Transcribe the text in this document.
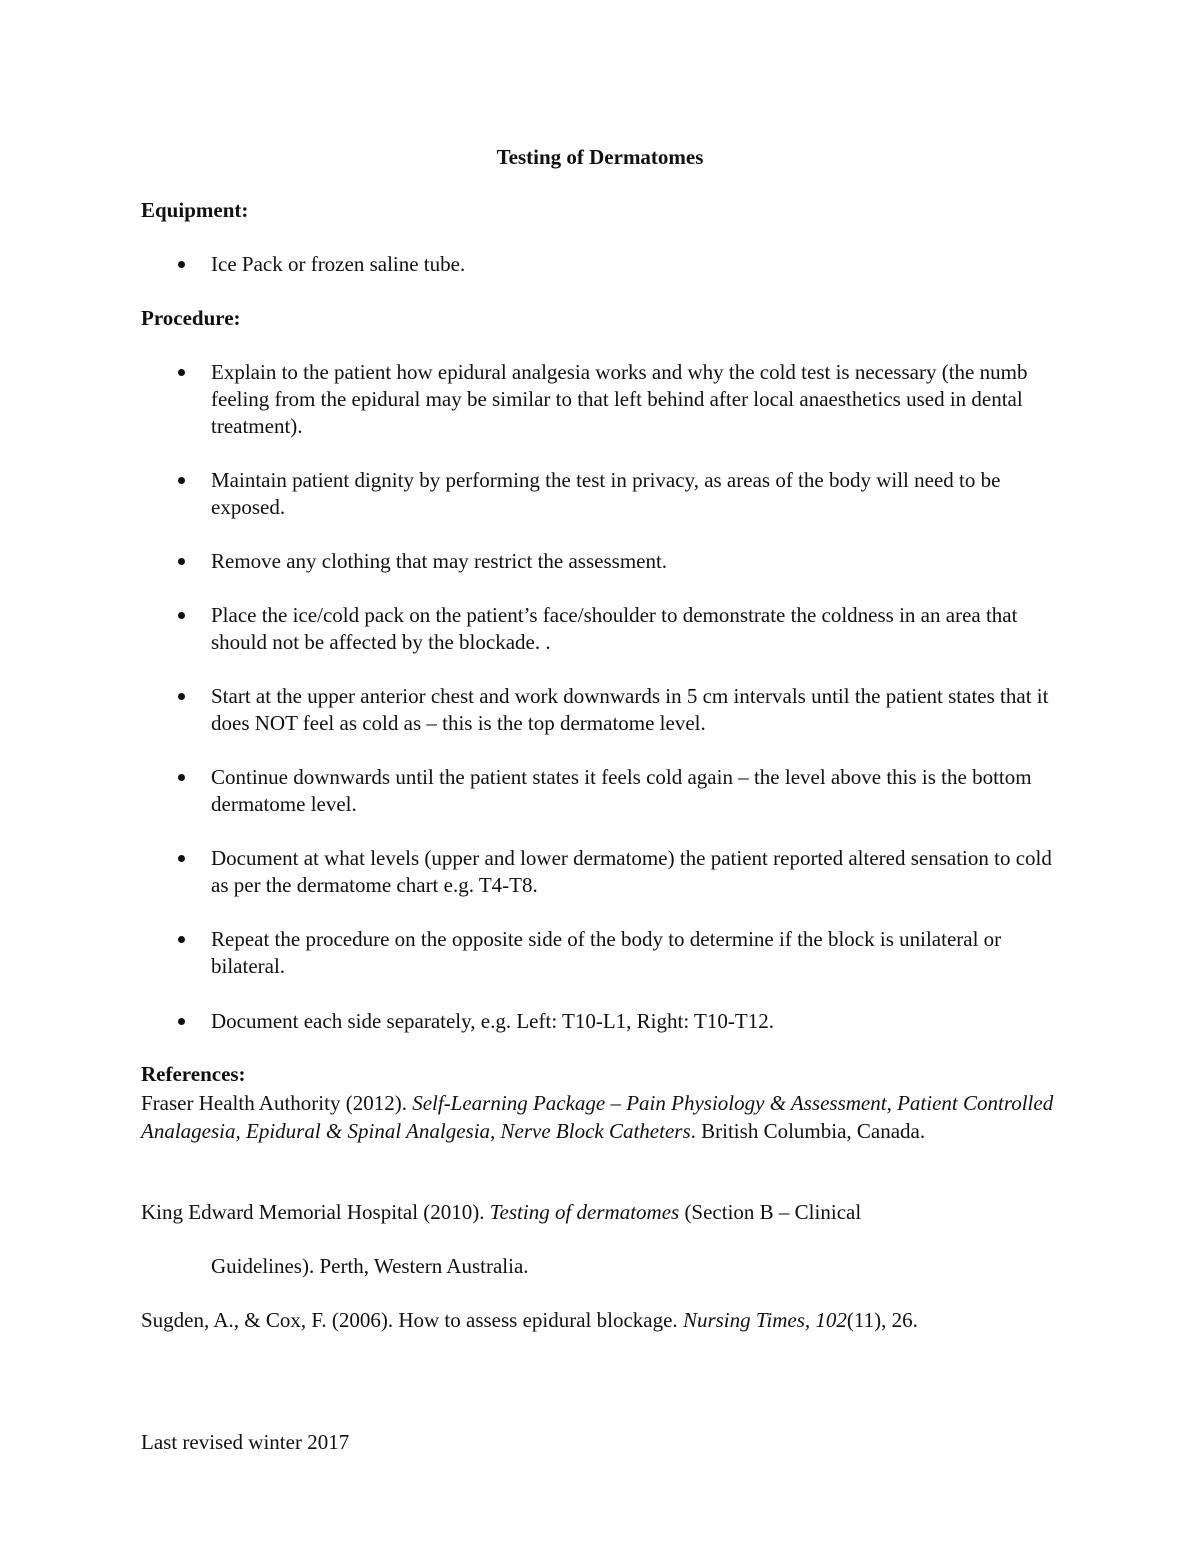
Testing of Dermatomes
Equipment:
Ice Pack or frozen saline tube.
Procedure:
Explain to the patient how epidural analgesia works and why the cold test is necessary (the numb feeling from the epidural may be similar to that left behind after local anaesthetics used in dental treatment).
Maintain patient dignity by performing the test in privacy, as areas of the body will need to be exposed.
Remove any clothing that may restrict the assessment.
Place the ice/cold pack on the patient’s face/shoulder to demonstrate the coldness in an area that should not be affected by the blockade. .
Start at the upper anterior chest and work downwards in 5 cm intervals until the patient states that it does NOT feel as cold as – this is the top dermatome level.
Continue downwards until the patient states it feels cold again – the level above this is the bottom dermatome level.
Document at what levels (upper and lower dermatome) the patient reported altered sensation to cold as per the dermatome chart e.g. T4-T8.
Repeat the procedure on the opposite side of the body to determine if the block is unilateral or bilateral.
Document each side separately, e.g. Left: T10-L1, Right: T10-T12.
References:
Fraser Health Authority (2012). Self-Learning Package – Pain Physiology & Assessment, Patient Controlled Analagesia, Epidural & Spinal Analgesia, Nerve Block Catheters. British Columbia, Canada.
King Edward Memorial Hospital (2010). Testing of dermatomes (Section B – Clinical
Guidelines). Perth, Western Australia.
Sugden, A., & Cox, F. (2006). How to assess epidural blockage. Nursing Times, 102(11), 26.
Last revised winter 2017
